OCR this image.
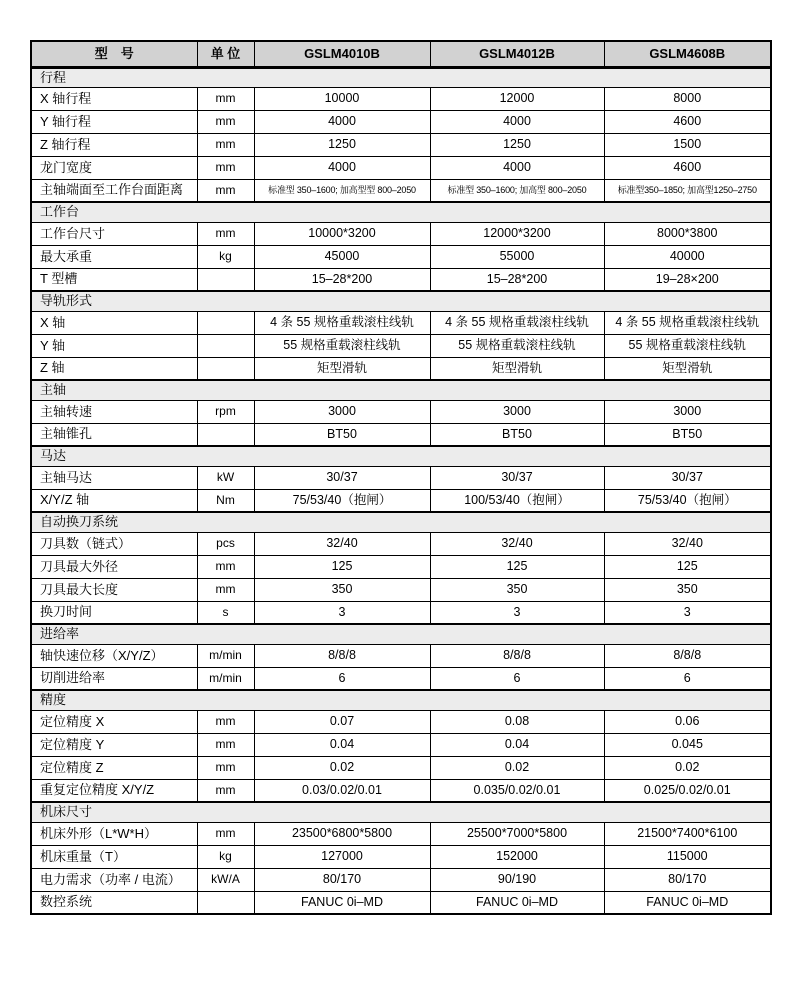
型　号	单 位	GSLM4010B	GSLM4012B	GSLM4608B
行程				
X 轴行程	mm	10000	12000	8000
Y 轴行程	mm	4000	4000	4600
Z 轴行程	mm	1250	1250	1500
龙门宽度	mm	4000	4000	4600
主轴端面至工作台面距离	mm	标准型 350–1600; 加高型型 800–2050	标准型 350–1600; 加高型 800–2050	标准型350–1850; 加高型1250–2750
工作台				
工作台尺寸	mm	10000*3200	12000*3200	8000*3800
最大承重	kg	45000	55000	40000
T 型槽		15–28*200	15–28*200	19–28×200
导轨形式				
X 轴		4 条 55 规格重载滚柱线轨	4 条 55 规格重载滚柱线轨	4 条 55 规格重载滚柱线轨
Y 轴		55 规格重载滚柱线轨	55 规格重载滚柱线轨	55 规格重载滚柱线轨
Z 轴		矩型滑轨	矩型滑轨	矩型滑轨
主轴				
主轴转速	rpm	3000	3000	3000
主轴锥孔		BT50	BT50	BT50
马达				
主轴马达	kW	30/37	30/37	30/37
X/Y/Z 轴	Nm	75/53/40（抱闸）	100/53/40（抱闸）	75/53/40（抱闸）
自动换刀系统				
刀具数（链式）	pcs	32/40	32/40	32/40
刀具最大外径	mm	125	125	125
刀具最大长度	mm	350	350	350
换刀时间	s	3	3	3
进给率				
轴快速位移（X/Y/Z）	m/min	8/8/8	8/8/8	8/8/8
切削进给率	m/min	6	6	6
精度				
定位精度 X	mm	0.07	0.08	0.06
定位精度 Y	mm	0.04	0.04	0.045
定位精度 Z	mm	0.02	0.02	0.02
重复定位精度 X/Y/Z	mm	0.03/0.02/0.01	0.035/0.02/0.01	0.025/0.02/0.01
机床尺寸				
机床外形（L*W*H）	mm	23500*6800*5800	25500*7000*5800	21500*7400*6100
机床重量（T）	kg	127000	152000	115000
电力需求（功率 / 电流）	kW/A	80/170	90/190	80/170
数控系统		FANUC 0i–MD	FANUC 0i–MD	FANUC 0i–MD
